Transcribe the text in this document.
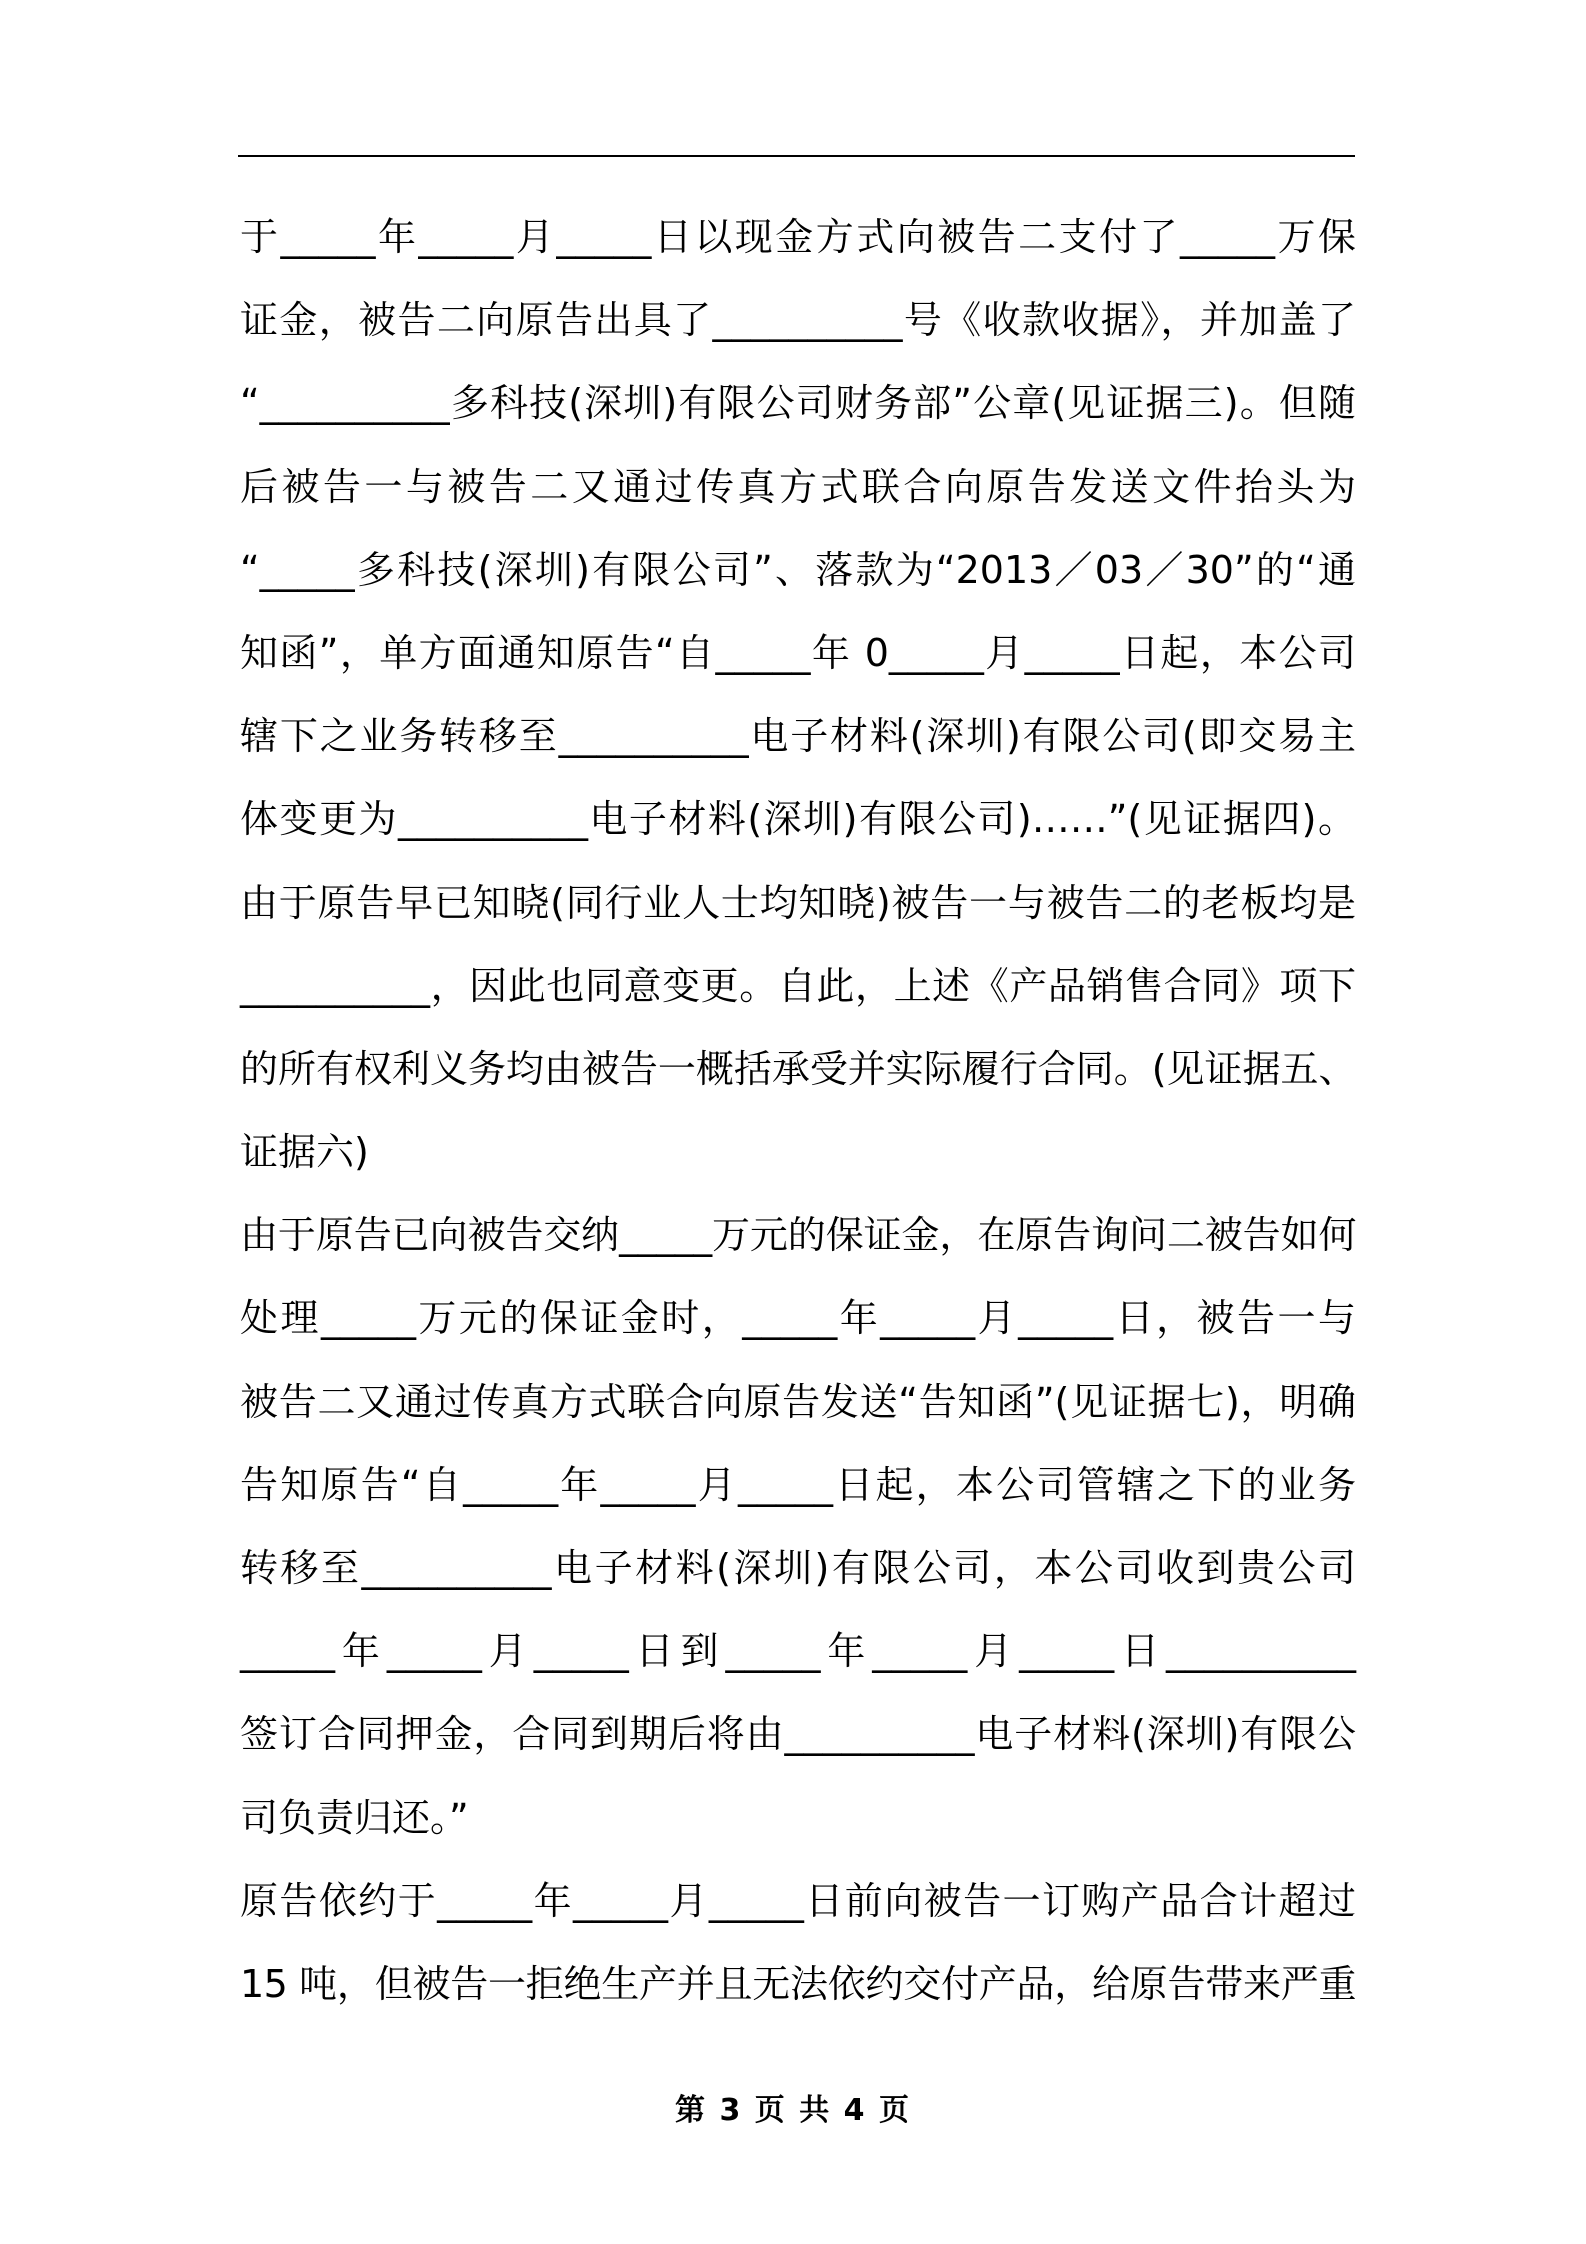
于_____年_____月_____日以现金方式向被告二支付了_____万保
证金，被告二向原告出具了__________号《收款收据》，并加盖了
“__________多科技(深圳)有限公司财务部”公章(见证据三)。但随
后被告一与被告二又通过传真方式联合向原告发送文件抬头为
“_____多科技(深圳)有限公司”、落款为“2013／03／30”的“通
知函”，单方面通知原告“自_____年 0_____月_____日起，本公司
辖下之业务转移至__________电子材料(深圳)有限公司(即交易主
体变更为__________电子材料(深圳)有限公司)……”(见证据四)。
由于原告早已知晓(同行业人士均知晓)被告一与被告二的老板均是
__________，因此也同意变更。自此，上述《产品销售合同》项下
的所有权利义务均由被告一概括承受并实际履行合同。(见证据五、
证据六)
由于原告已向被告交纳_____万元的保证金，在原告询问二被告如何
处理_____万元的保证金时，_____年_____月_____日，被告一与
被告二又通过传真方式联合向原告发送“告知函”(见证据七)，明确
告知原告“自_____年_____月_____日起，本公司管辖之下的业务
转移至__________电子材料(深圳)有限公司，本公司收到贵公司
_____年_____月_____日到_____年_____月_____日__________
签订合同押金，合同到期后将由__________电子材料(深圳)有限公
司负责归还。”
原告依约于_____年_____月_____日前向被告一订购产品合计超过
15 吨，但被告一拒绝生产并且无法依约交付产品，给原告带来严重
第 3 页 共 4 页
